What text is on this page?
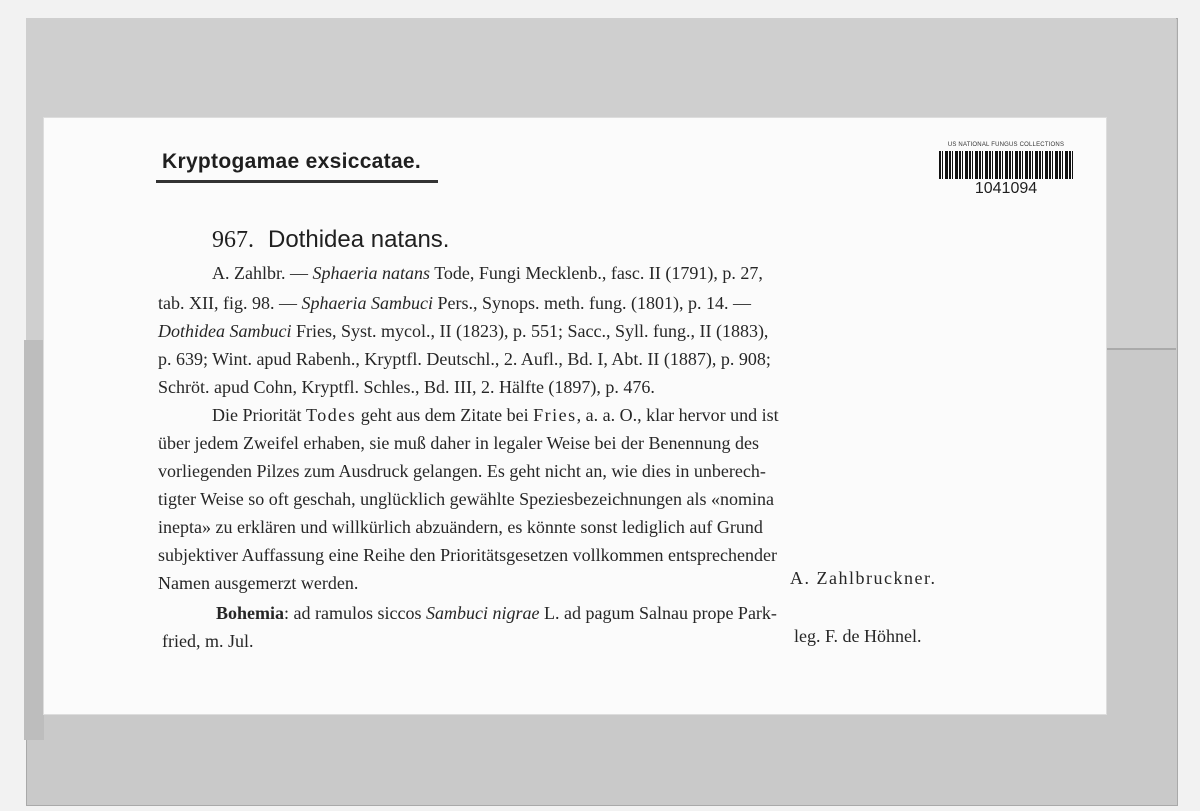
Kryptogamae exsiccatae.
US NATIONAL FUNGUS COLLECTIONS
1041094
967. Dothidea natans.
A. Zahlbr. — Sphaeria natans Tode, Fungi Mecklenb., fasc. II (1791), p. 27,
tab. XII, fig. 98. — Sphaeria Sambuci Pers., Synops. meth. fung. (1801), p. 14. —
Dothidea Sambuci Fries, Syst. mycol., II (1823), p. 551; Sacc., Syll. fung., II (1883),
p. 639; Wint. apud Rabenh., Kryptfl. Deutschl., 2. Aufl., Bd. I, Abt. II (1887), p. 908;
Schröt. apud Cohn, Kryptfl. Schles., Bd. III, 2. Hälfte (1897), p. 476.
Die Priorität Todes geht aus dem Zitate bei Fries, a. a. O., klar hervor und ist
über jedem Zweifel erhaben, sie muß daher in legaler Weise bei der Benennung des
vorliegenden Pilzes zum Ausdruck gelangen. Es geht nicht an, wie dies in unberech-
tigter Weise so oft geschah, unglücklich gewählte Speziesbezeichnungen als «nomina
inepta» zu erklären und willkürlich abzuändern, es könnte sonst lediglich auf Grund
subjektiver Auffassung eine Reihe den Prioritätsgesetzen vollkommen entsprechender
Namen ausgemerzt werden.	A. Zahlbruckner.
Bohemia: ad ramulos siccos Sambuci nigrae L. ad pagum Salnau prope Park-
fried, m. Jul.	leg. F. de Höhnel.
